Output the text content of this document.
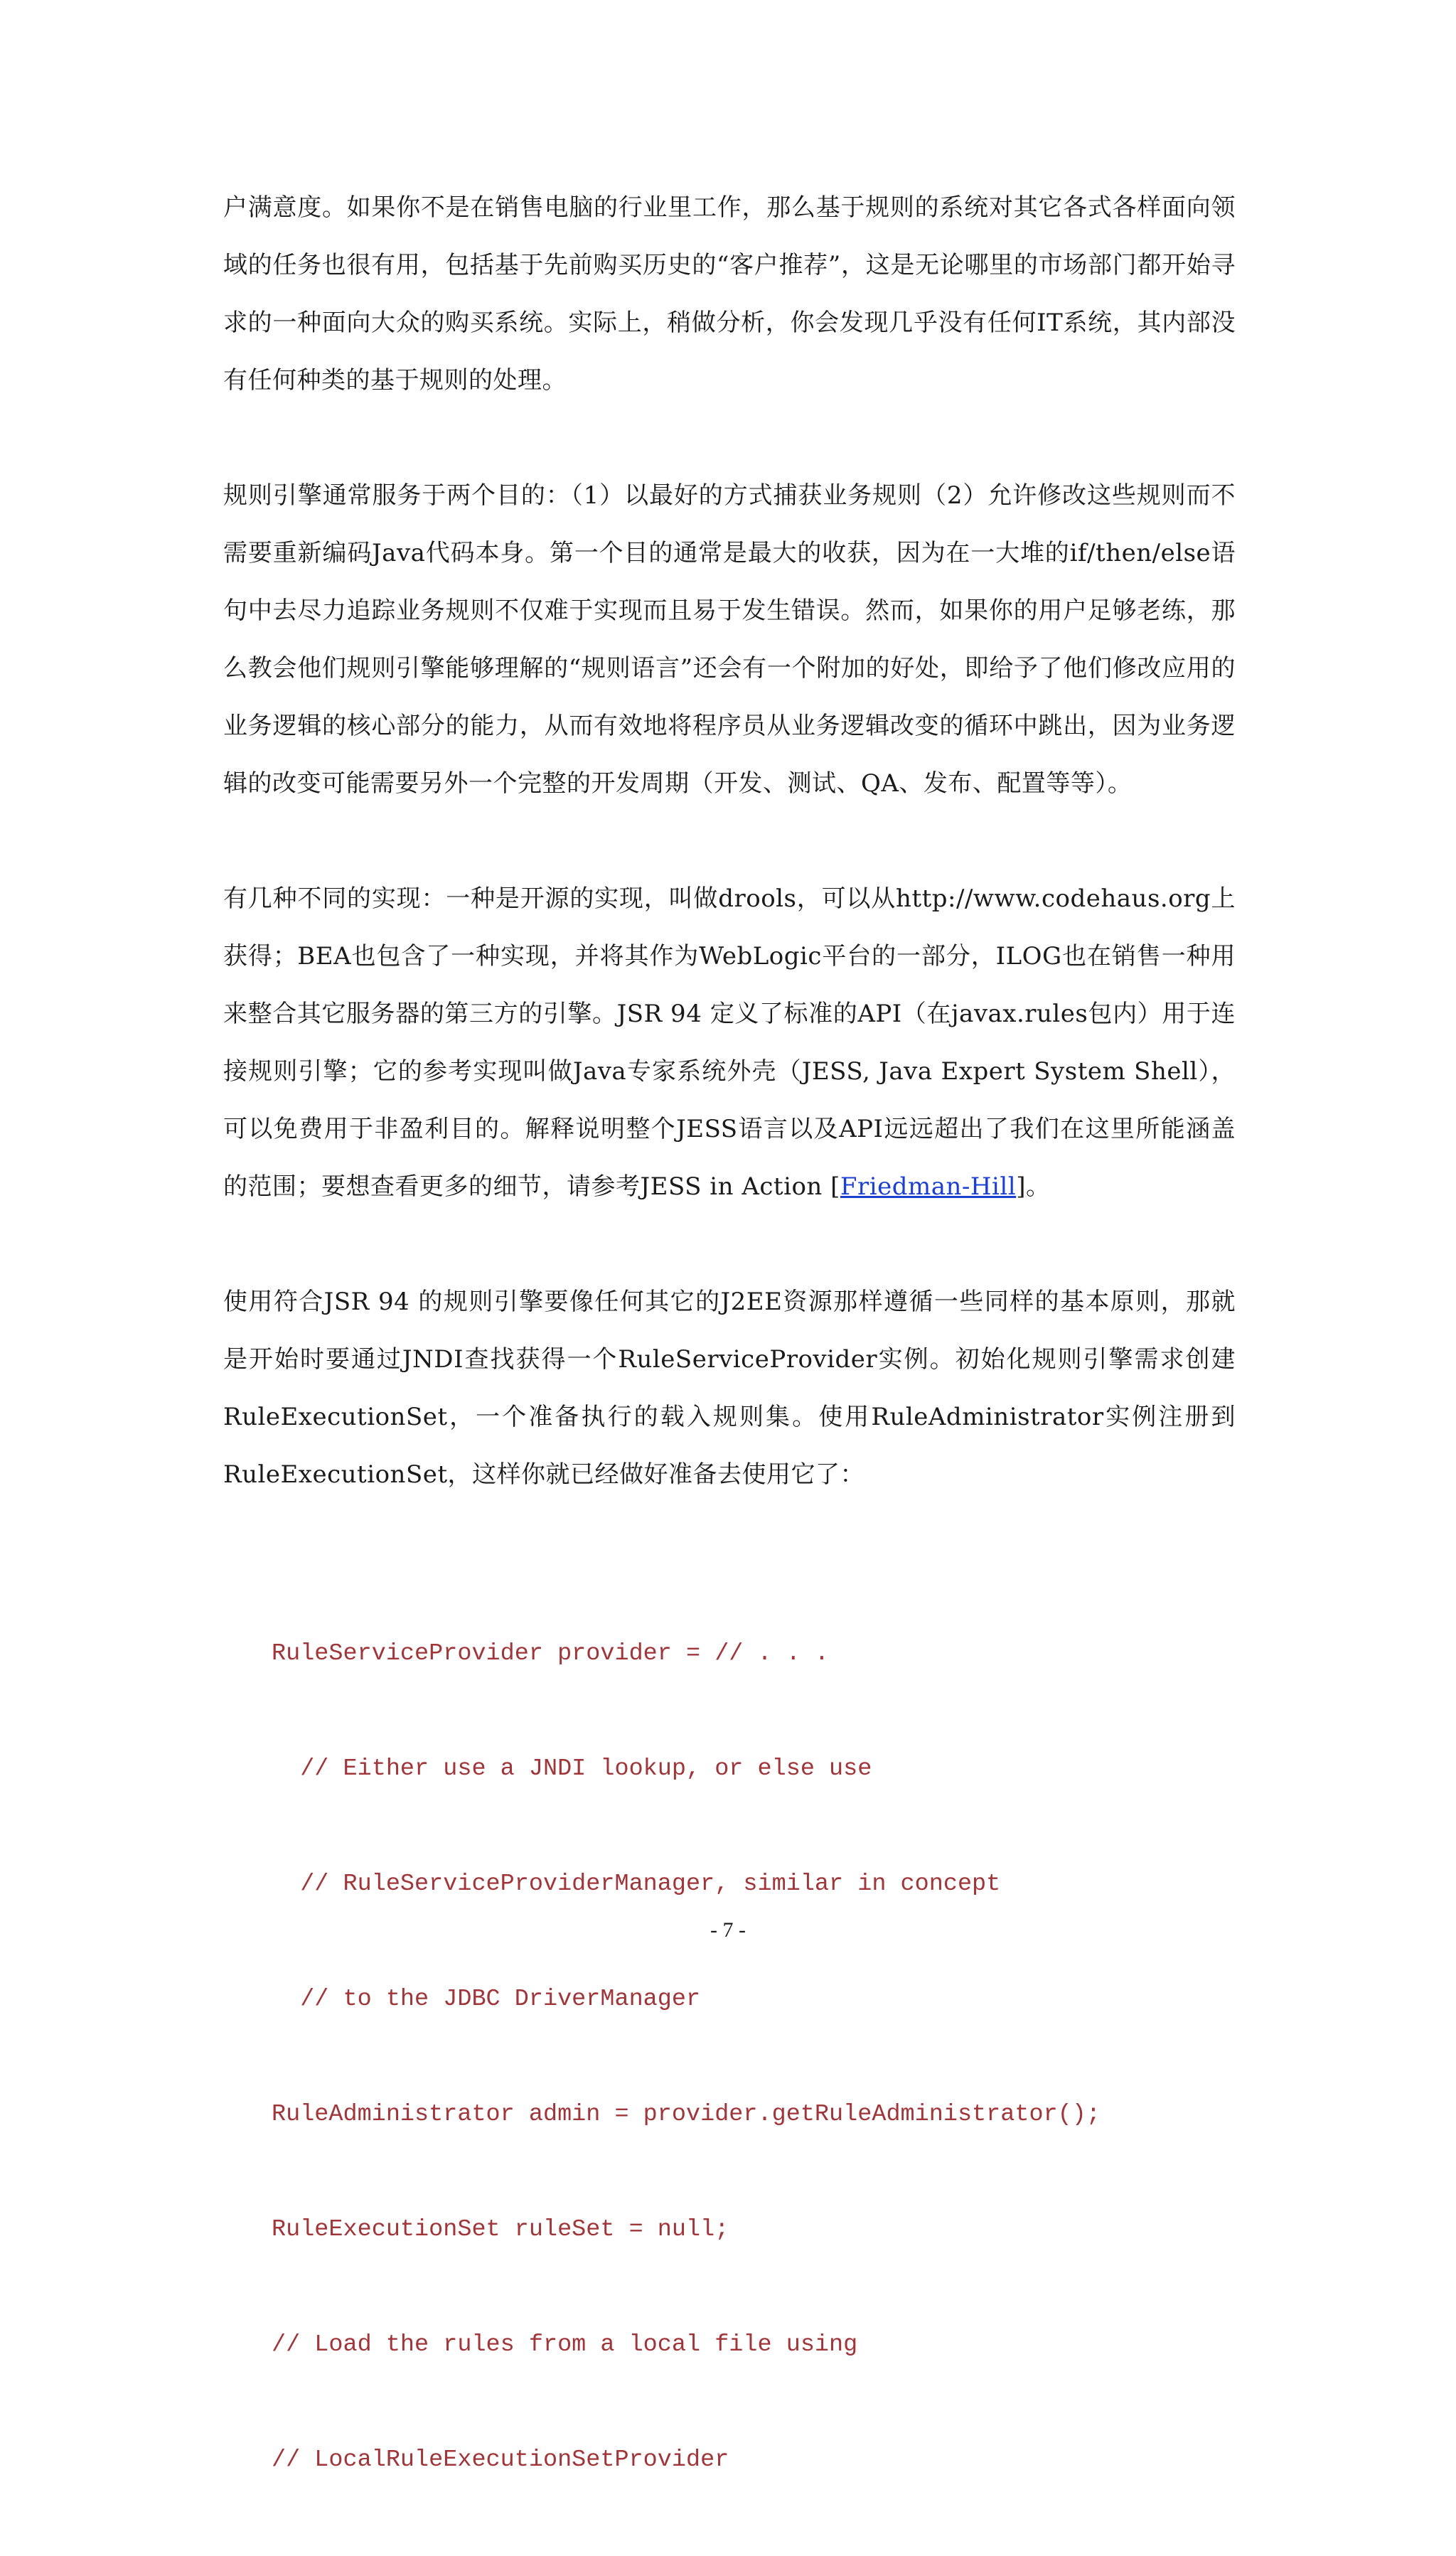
户满意度。如果你不是在销售电脑的行业里工作，那么基于规则的系统对其它各式各样面向领域的任务也很有用，包括基于先前购买历史的“客户推荐”，这是无论哪里的市场部门都开始寻求的一种面向大众的购买系统。实际上，稍做分析，你会发现几乎没有任何IT系统，其内部没有任何种类的基于规则的处理。

规则引擎通常服务于两个目的：（1）以最好的方式捕获业务规则（2）允许修改这些规则而不需要重新编码Java代码本身。第一个目的通常是最大的收获，因为在一大堆的if/then/else语句中去尽力追踪业务规则不仅难于实现而且易于发生错误。然而，如果你的用户足够老练，那么教会他们规则引擎能够理解的“规则语言”还会有一个附加的好处，即给予了他们修改应用的业务逻辑的核心部分的能力，从而有效地将程序员从业务逻辑改变的循环中跳出，因为业务逻辑的改变可能需要另外一个完整的开发周期（开发、测试、QA、发布、配置等等）。

有几种不同的实现：一种是开源的实现，叫做drools，可以从http://www.codehaus.org上获得；BEA也包含了一种实现，并将其作为WebLogic平台的一部分，ILOG也在销售一种用来整合其它服务器的第三方的引擎。JSR 94 定义了标准的API（在javax.rules包内）用于连接规则引擎；它的参考实现叫做Java专家系统外壳（JESS, Java Expert System Shell），可以免费用于非盈利目的。解释说明整个JESS语言以及API远远超出了我们在这里所能涵盖的范围；要想查看更多的细节，请参考JESS in Action [Friedman-Hill]。

使用符合JSR 94 的规则引擎要像任何其它的J2EE资源那样遵循一些同样的基本原则，那就是开始时要通过JNDI查找获得一个RuleServiceProvider实例。初始化规则引擎需求创建RuleExecutionSet，一个准备执行的载入规则集。使用RuleAdministrator实例注册到RuleExecutionSet，这样你就已经做好准备去使用它了：

RuleServiceProvider provider = // . . .

// Either use a JNDI lookup, or else use

// RuleServiceProviderManager, similar in concept

// to the JDBC DriverManager

RuleAdministrator admin = provider.getRuleAdministrator();

RuleExecutionSet ruleSet = null;

// Load the rules from a local file using

// LocalRuleExecutionSetProvider

- 7 -
